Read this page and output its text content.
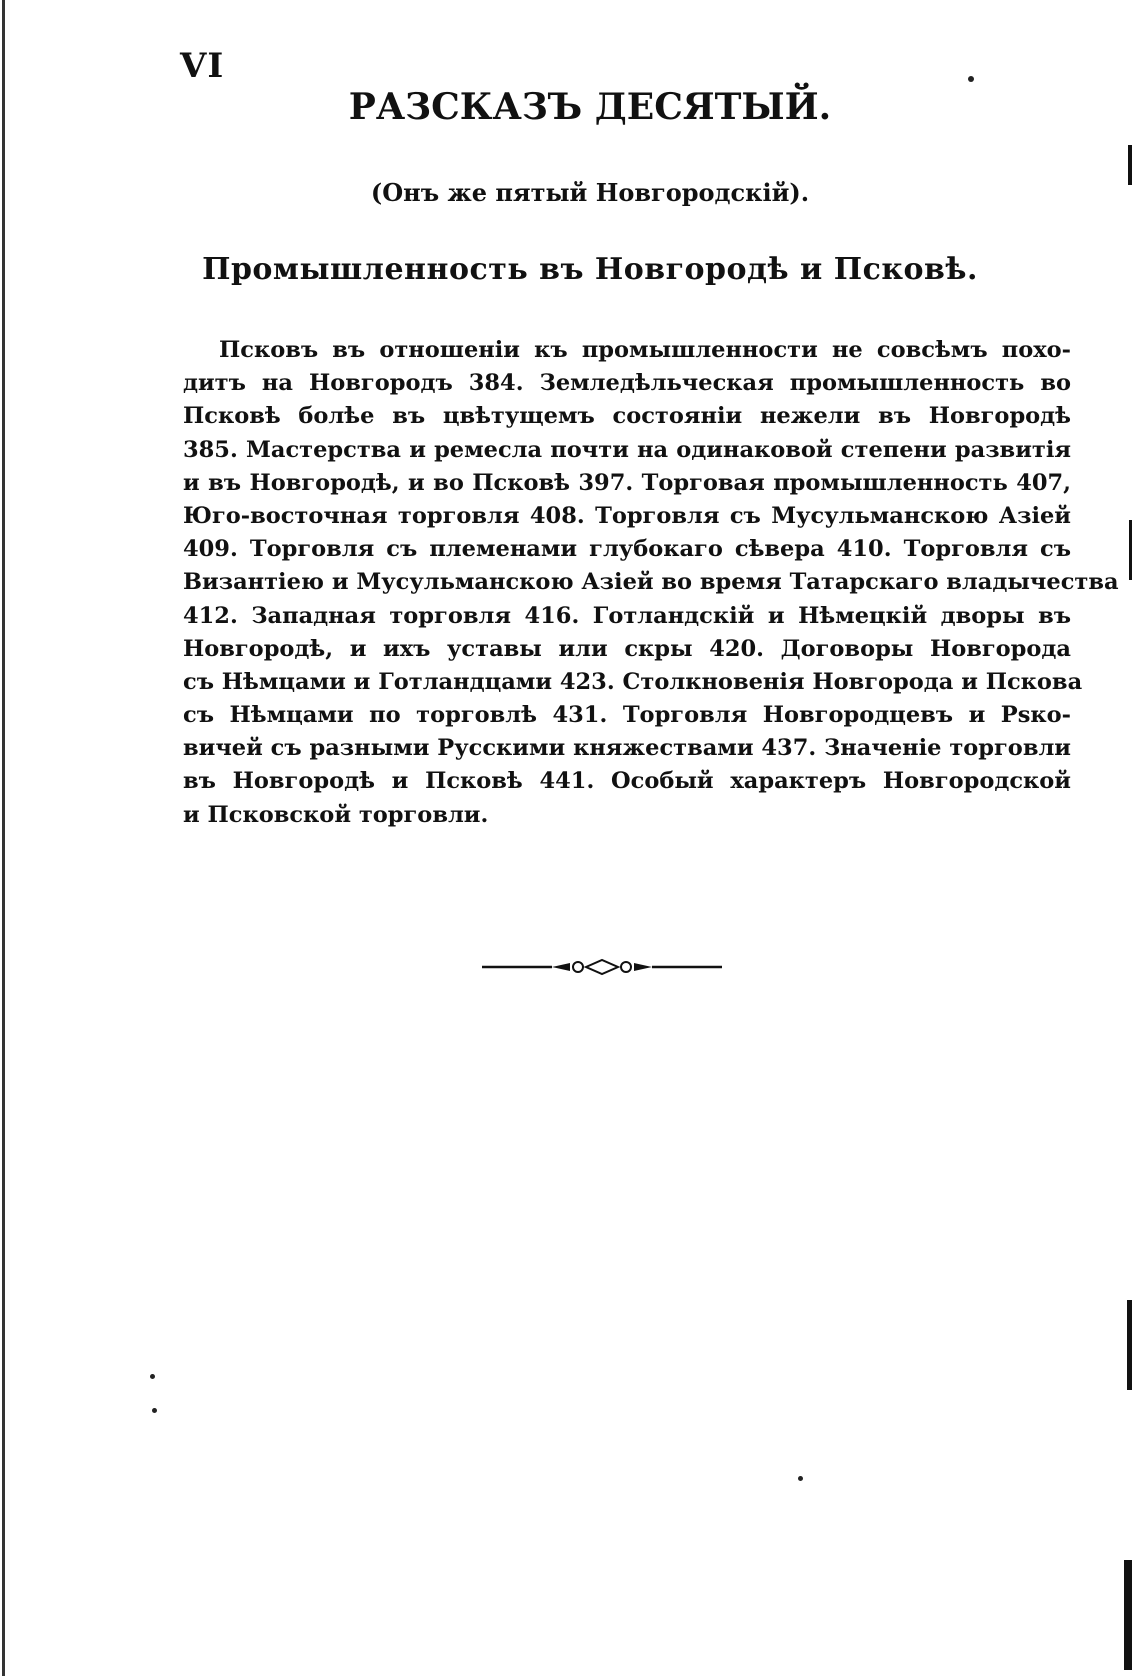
VI
РАЗСКАЗЪ ДЕСЯТЫЙ.
(Онъ же пятый Новгородскій).
Промышленность въ Новгородѣ и Псковѣ.
Псковъ въ отношеніи къ промышленности не совсѣмъ похо-
дитъ на Новгородъ 384. Земледѣльческая промышленность во
Псковѣ болѣе въ цвѣтущемъ состояніи нежели въ Новгородѣ
385. Мастерства и ремесла почти на одинаковой степени развитія
и въ Новгородѣ, и во Псковѣ 397. Торговая промышленность 407,
Юго-восточная торговля 408. Торговля съ Мусульманскою Азіей
409. Торговля съ племенами глубокаго сѣвера 410. Торговля съ
Византіею и Мусульманскою Азіей во время Татарскаго владычества
412. Западная торговля 416. Готландскій и Нѣмецкій дворы въ
Новгородѣ, и ихъ уставы или скры 420. Договоры Новгорода
съ Нѣмцами и Готландцами 423. Столкновенія Новгорода и Пскова
съ Нѣмцами по торговлѣ 431. Торговля Новгородцевъ и Psко-
вичей съ разными Русскими княжествами 437. Значеніе торговли
въ Новгородѣ и Псковѣ 441. Особый характеръ Новгородской
и Псковской торговли.
